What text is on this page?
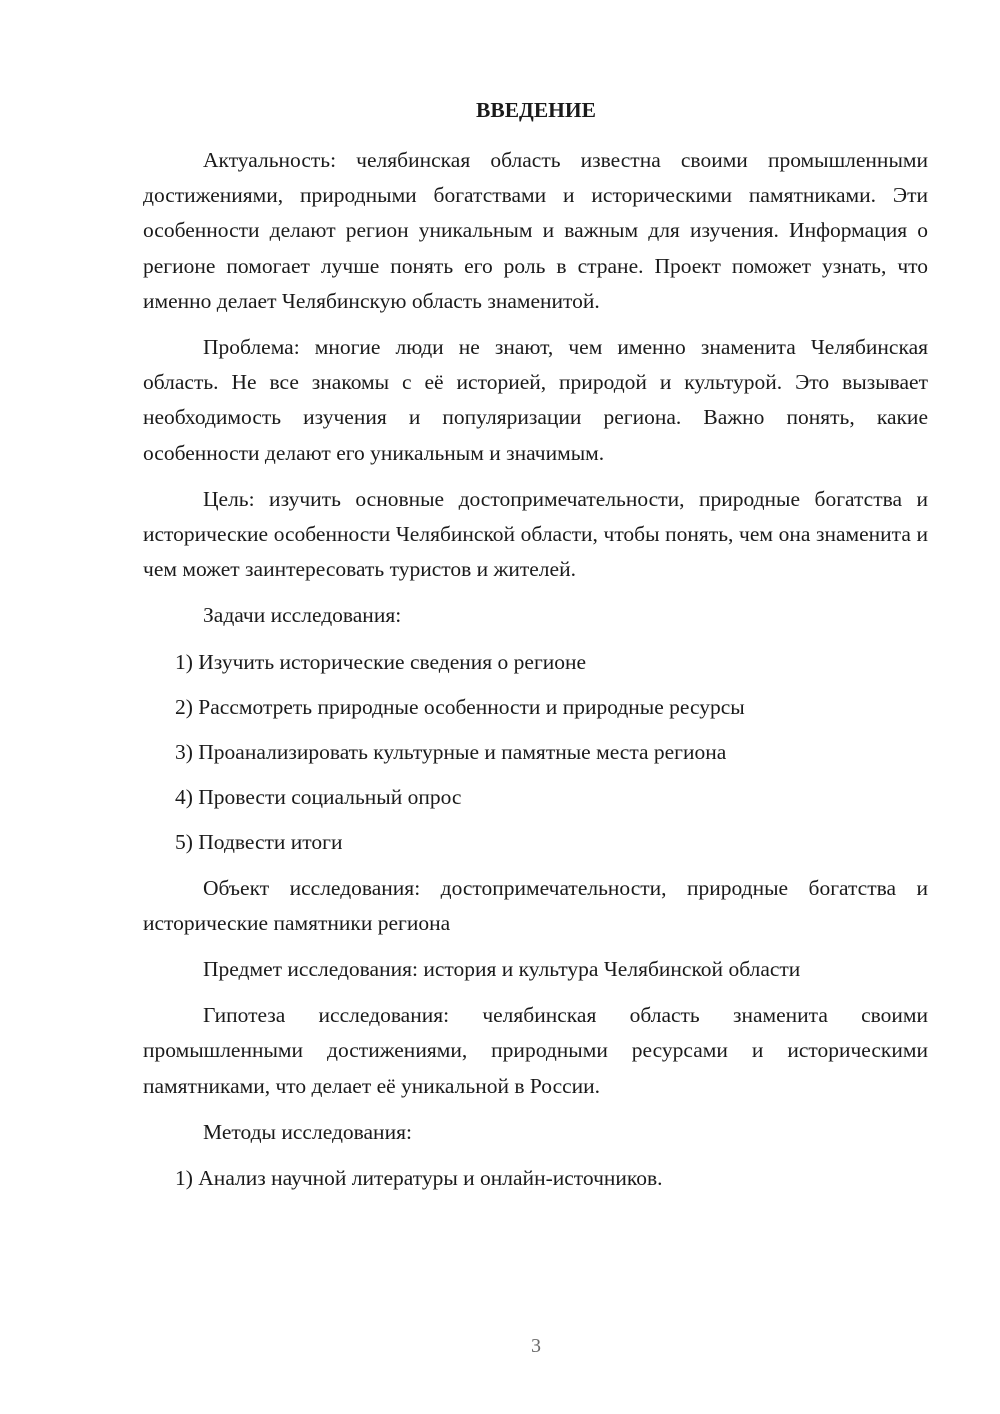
ВВЕДЕНИЕ

Актуальность: челябинская область известна своими промышленными достижениями, природными богатствами и историческими памятниками. Эти особенности делают регион уникальным и важным для изучения. Информация о регионе помогает лучше понять его роль в стране. Проект поможет узнать, что именно делает Челябинскую область знаменитой.

Проблема: многие люди не знают, чем именно знаменита Челябинская область. Не все знакомы с её историей, природой и культурой. Это вызывает необходимость изучения и популяризации региона. Важно понять, какие особенности делают его уникальным и значимым.

Цель: изучить основные достопримечательности, природные богатства и исторические особенности Челябинской области, чтобы понять, чем она знаменита и чем может заинтересовать туристов и жителей.

Задачи исследования:

1) Изучить исторические сведения о регионе
2) Рассмотреть природные особенности и природные ресурсы
3) Проанализировать культурные и памятные места региона
4) Провести социальный опрос
5) Подвести итоги

Объект исследования: достопримечательности, природные богатства и исторические памятники региона

Предмет исследования: история и культура Челябинской области

Гипотеза исследования: челябинская область знаменита своими промышленными достижениями, природными ресурсами и историческими памятниками, что делает её уникальной в России.

Методы исследования:

1) Анализ научной литературы и онлайн-источников.
3
